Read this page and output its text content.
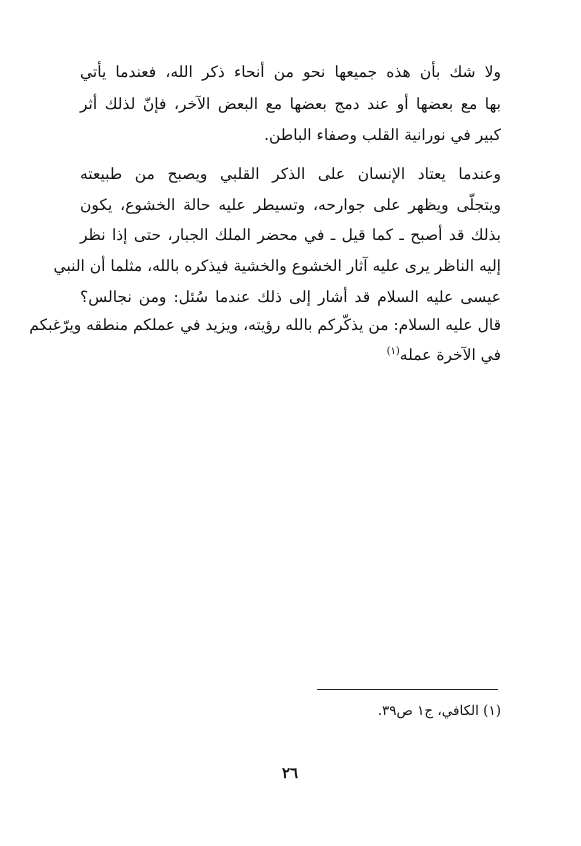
ولا شك بأن هذه جميعها نحو من أنحاء ذكر الله، فعندما يأتي
بها مع بعضها أو عند دمج بعضها مع البعض الآخر، فإنّ لذلك أثر
كبير في نورانية القلب وصفاء الباطن.
وعندما يعتاد الإنسان على الذكر القلبي ويصبح من طبيعته
ويتجلّى ويظهر على جوارحه، وتسيطر عليه حالة الخشوع، يكون
بذلك قد أصبح ـ كما قيل ـ في محضر الملك الجبار، حتى إذا نظر
إليه الناظر يرى عليه آثار الخشوع والخشية فيذكره بالله، مثلما أن النبي
عيسى عليه السلام قد أشار إلى ذلك عندما سُئل: ومن نجالس؟
قال عليه السلام: من يذكّركم بالله رؤيته، ويزيد في عملكم منطقه ويرّغبكم
في الآخرة عمله$^{(١)}$
(١) الكافي، ج١ ص٣٩.
٢٦
